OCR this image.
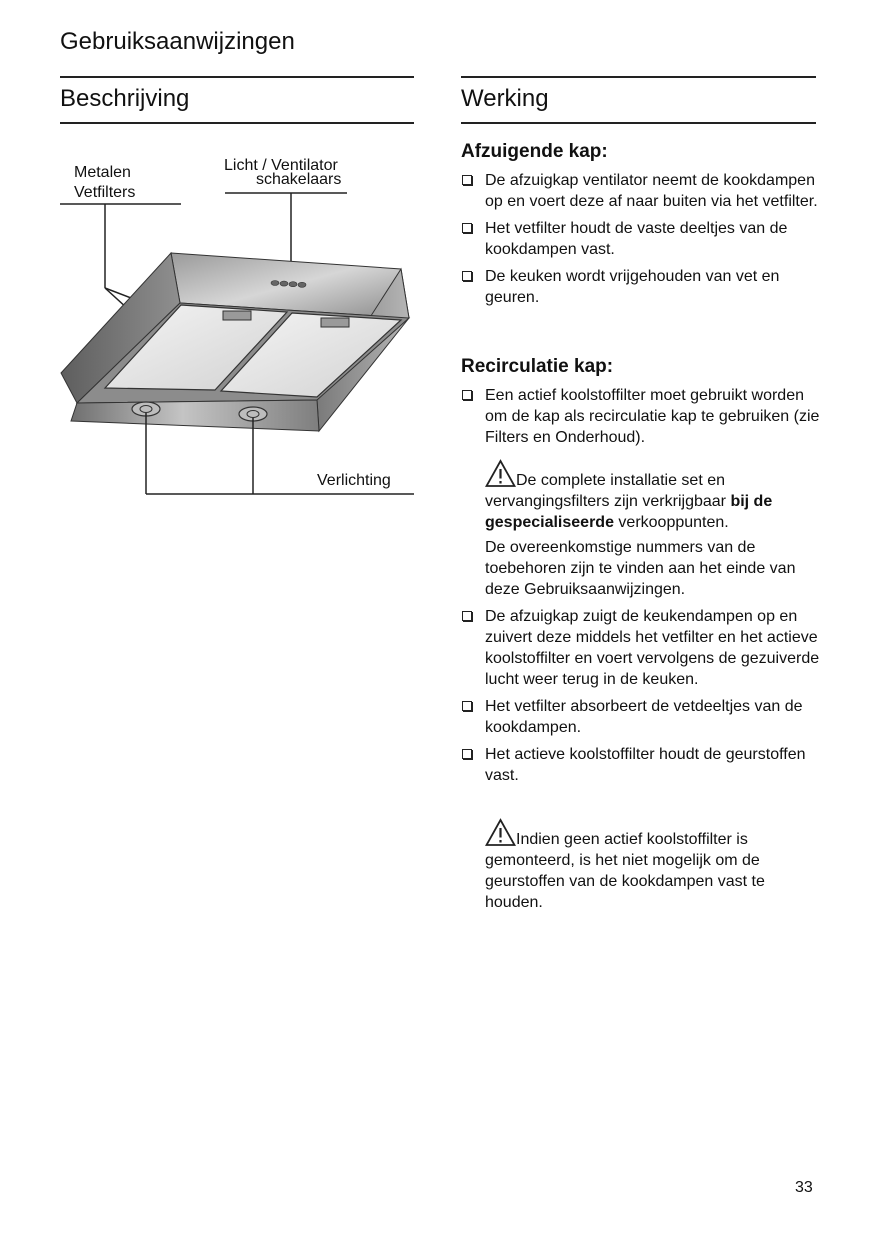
Gebruiksaanwijzingen
Beschrijving
Metalen
Vetfilters
Licht / Ventilator
schakelaars
Verlichting
Werking
Afzuigende kap:
De afzuigkap ventilator neemt de kookdampen op en voert deze af naar buiten via het vetfilter.
Het vetfilter houdt de vaste deeltjes van de kookdampen vast.
De keuken wordt vrijgehouden van vet en geuren.
Recirculatie kap:
Een actief koolstoffilter moet gebruikt worden om de kap als recirculatie kap te gebruiken (zie Filters en Onderhoud).
De complete installatie set en vervangingsfilters zijn verkrijgbaar bij de gespecialiseerde verkooppunten.
De overeenkomstige nummers van de toebehoren zijn te vinden aan het einde van deze Gebruiksaanwijzingen.
De afzuigkap zuigt de keukendampen op en zuivert deze middels het vetfilter en het actieve koolstoffilter en voert vervolgens de gezuiverde lucht weer terug in de keuken.
Het vetfilter absorbeert de vetdeeltjes van de kookdampen.
Het actieve koolstoffilter houdt de geurstoffen vast.
Indien geen actief koolstoffilter is gemonteerd, is het niet mogelijk om de geurstoffen van de kookdampen vast te houden.
33
